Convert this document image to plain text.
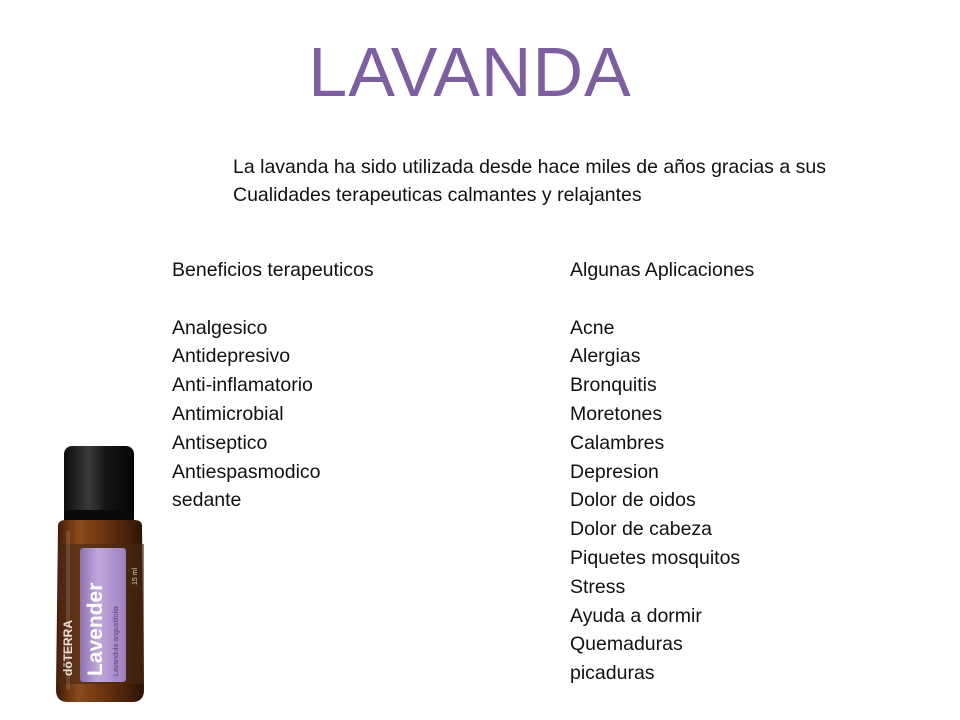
LAVANDA
La lavanda ha sido utilizada desde hace miles de años gracias a sus
Cualidades terapeuticas calmantes y relajantes
Beneficios terapeuticos
Analgesico
Antidepresivo
Anti-inflamatorio
Antimicrobial
Antiseptico
Antiespasmodico
sedante
Algunas Aplicaciones
Acne
Alergias
Bronquitis
Moretones
Calambres
Depresion
Dolor de oidos
Dolor de cabeza
Piquetes mosquitos
Stress
Ayuda a dormir
Quemaduras
picaduras
dōTERRA Lavender Lavandula angustifolia
15 ml
